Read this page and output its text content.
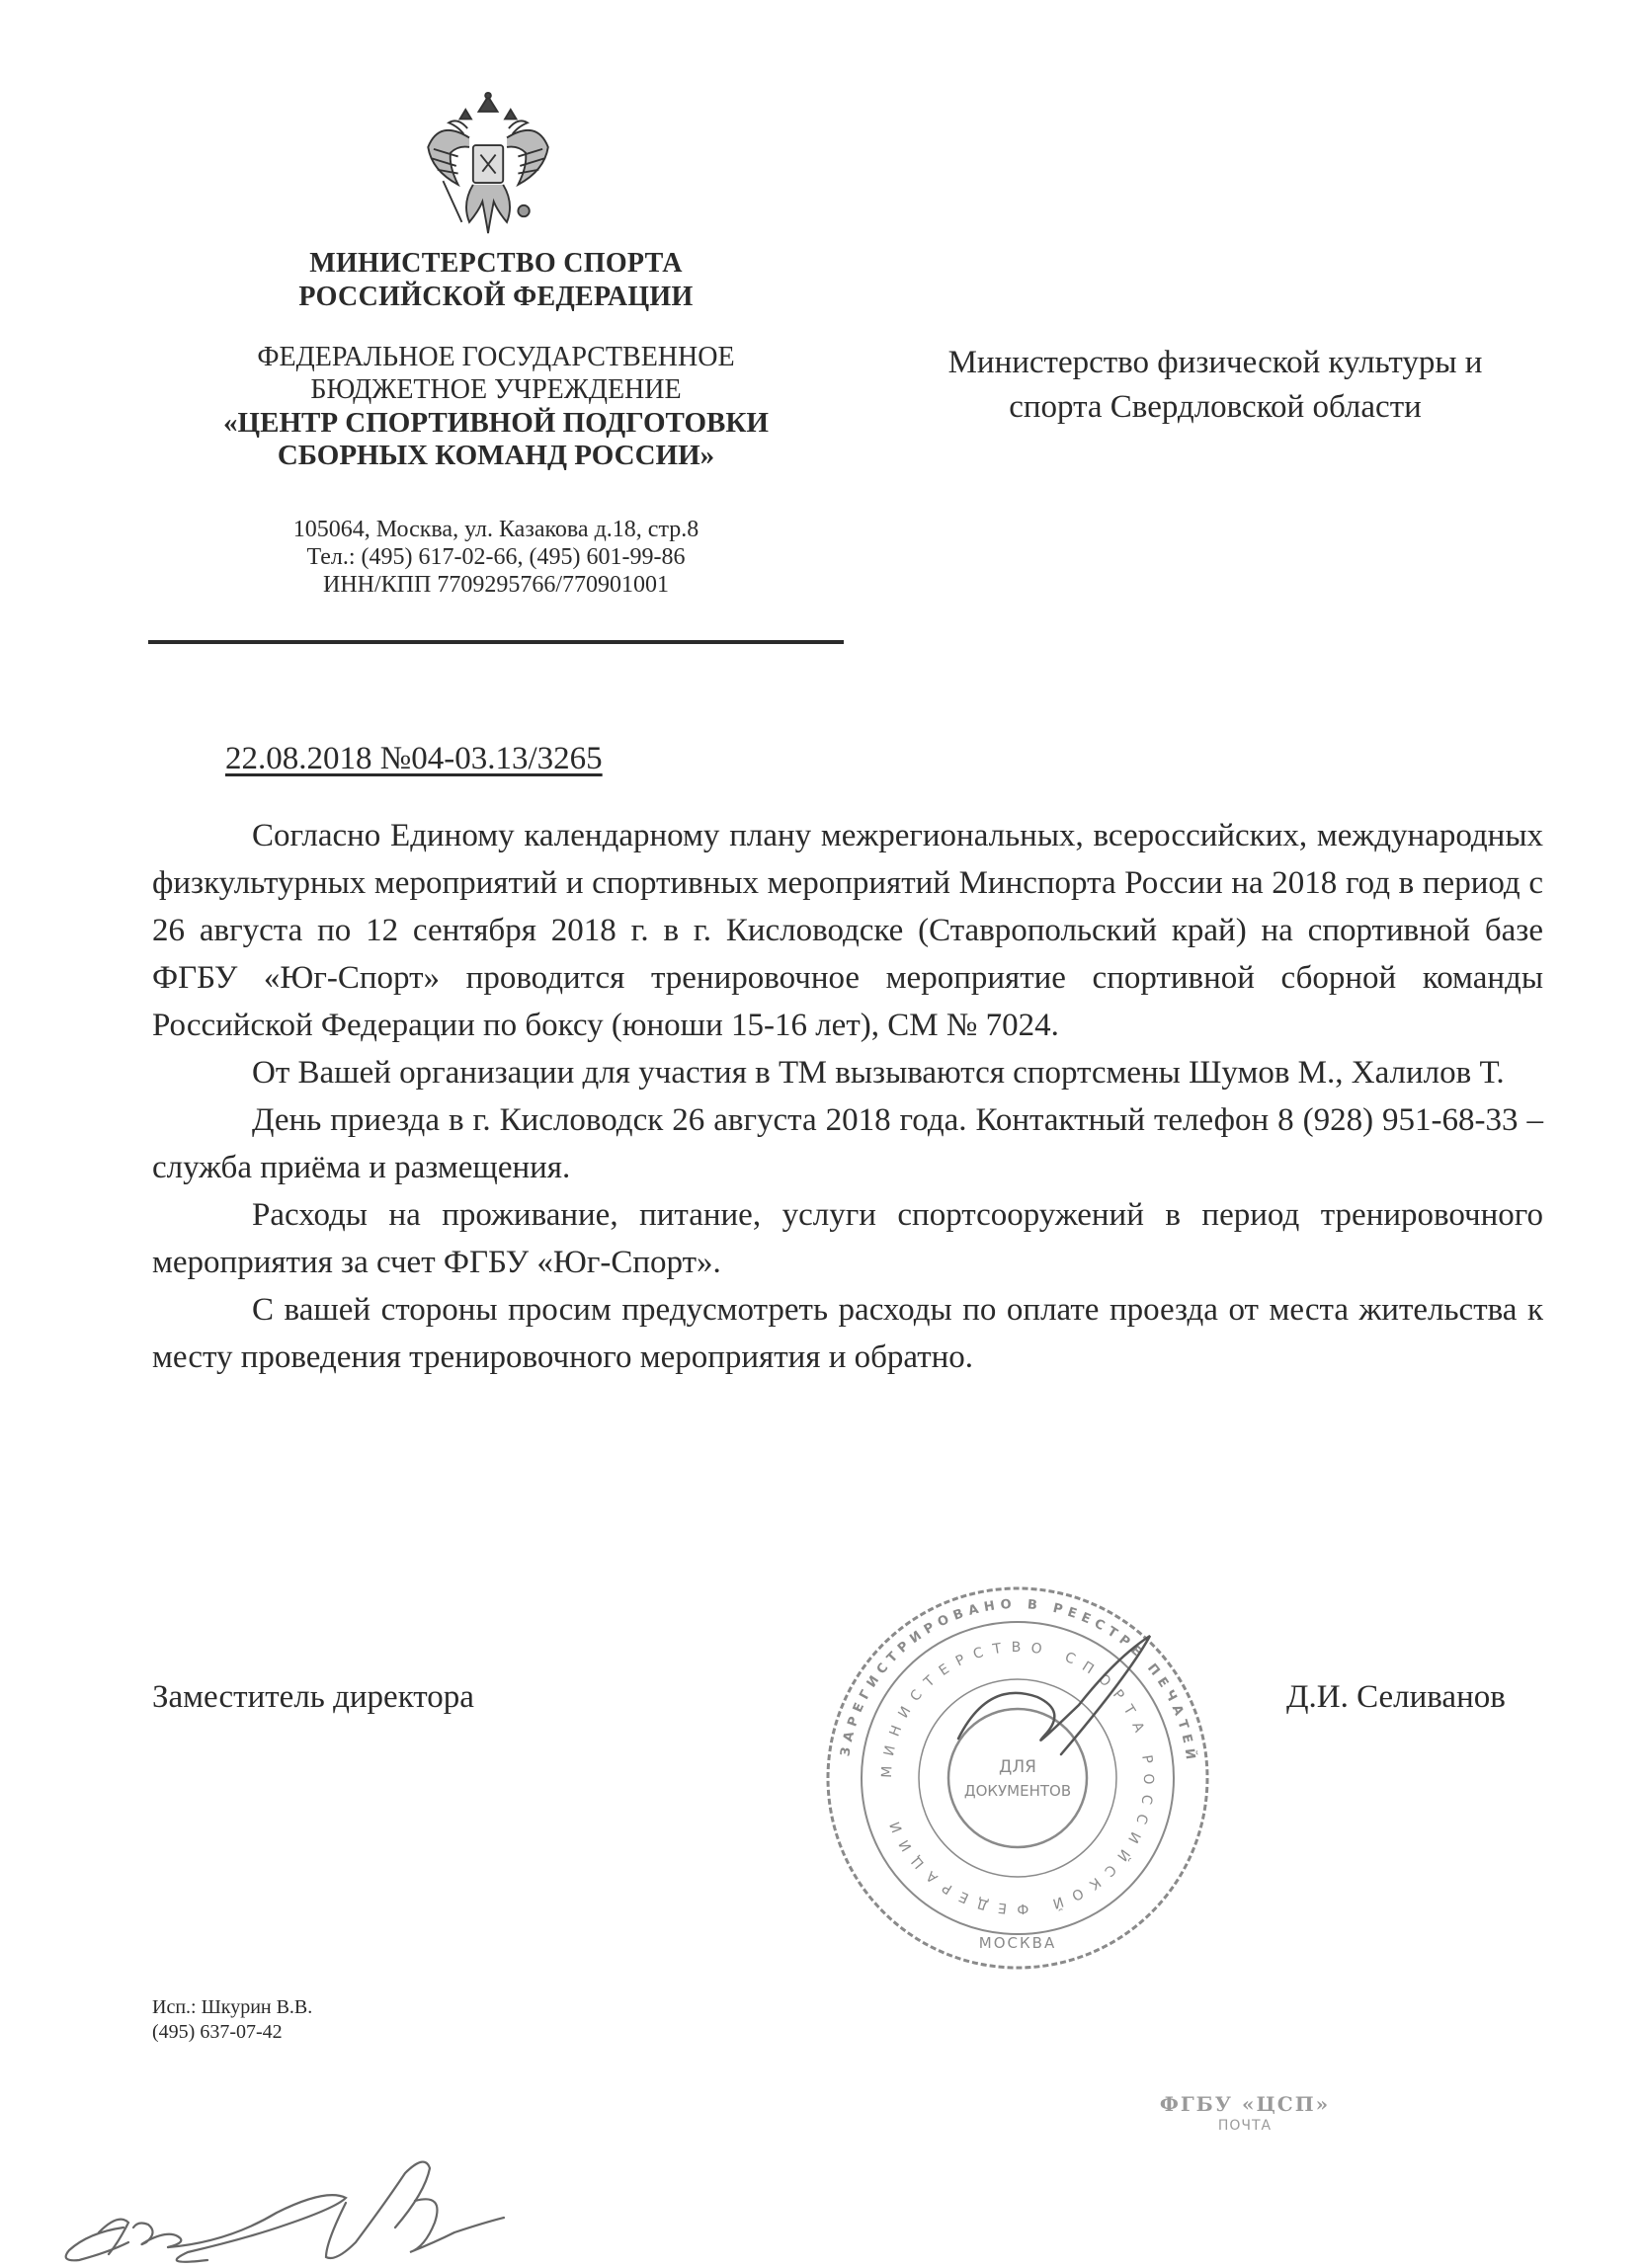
МИНИСТЕРСТВО СПОРТА
РОССИЙСКОЙ ФЕДЕРАЦИИ
ФЕДЕРАЛЬНОЕ ГОСУДАРСТВЕННОЕ
БЮДЖЕТНОЕ УЧРЕЖДЕНИЕ
«ЦЕНТР СПОРТИВНОЙ ПОДГОТОВКИ
СБОРНЫХ КОМАНД РОССИИ»
105064, Москва, ул. Казакова д.18, стр.8
Тел.: (495) 617-02-66, (495) 601-99-86
ИНН/КПП 7709295766/770901001
Министерство физической культуры и
спорта Свердловской области
22.08.2018 №04-03.13/3265

Согласно Единому календарному плану межрегиональных, всероссийских, международных физкультурных мероприятий и спортивных мероприятий Минспорта России на 2018 год в период с 26 августа по 12 сентября 2018 г. в г. Кисловодске (Ставропольский край) на спортивной базе ФГБУ «Юг-Спорт» проводится тренировочное мероприятие спортивной сборной команды Российской Федерации по боксу (юноши 15-16 лет), СМ № 7024.

От Вашей организации для участия в ТМ вызываются спортсмены Шумов М., Халилов Т.

День приезда в г. Кисловодск 26 августа 2018 года. Контактный телефон 8 (928) 951-68-33 – служба приёма и размещения.

Расходы на проживание, питание, услуги спортсооружений в период тренировочного мероприятия за счет ФГБУ «Юг-Спорт».

С вашей стороны просим предусмотреть расходы по оплате проезда от места жительства к месту проведения тренировочного мероприятия и обратно.

Заместитель директора	Д.И. Селиванов
ЗАРЕГИСТРИРОВАНО В РЕЕСТРЕ ПЕЧАТЕЙ
МИНИСТЕРСТВО СПОРТА РОССИЙСКОЙ ФЕДЕРАЦИИ
ДЛЯ
ДОКУМЕНТОВ
МОСКВА
Исп.: Шкурин В.В.
(495) 637-07-42
ФГБУ «ЦСП»
ПОЧТА
